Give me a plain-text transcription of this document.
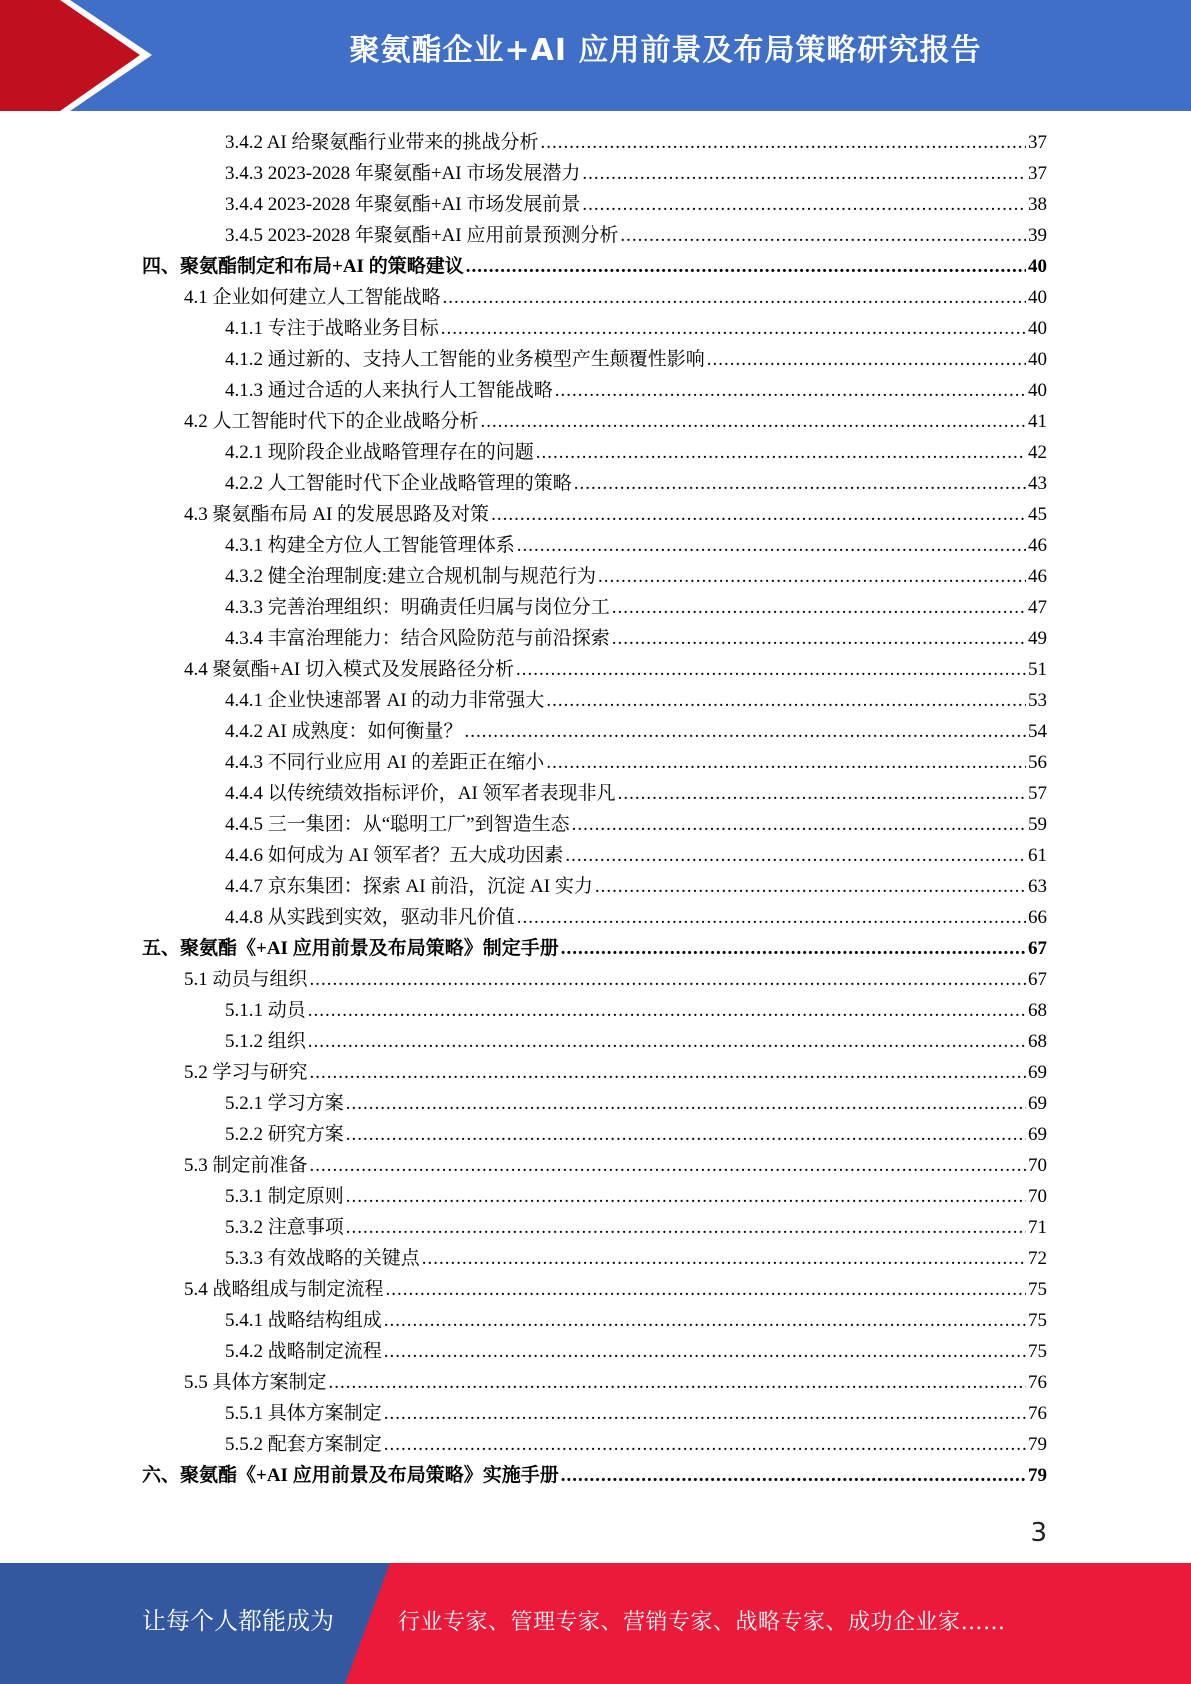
聚氨酯企业+AI 应用前景及布局策略研究报告
3.4.2 AI 给聚氨酯行业带来的挑战分析 .....	37
3.4.3 2023-2028 年聚氨酯+AI 市场发展潜力 .....	37
3.4.4 2023-2028 年聚氨酯+AI 市场发展前景 .....	38
3.4.5 2023-2028 年聚氨酯+AI 应用前景预测分析 .....	39
四、聚氨酯制定和布局+AI 的策略建议 .....	40
4.1 企业如何建立人工智能战略 .....	40
4.1.1 专注于战略业务目标 .....	40
4.1.2 通过新的、支持人工智能的业务模型产生颠覆性影响 .....	40
4.1.3 通过合适的人来执行人工智能战略 .....	40
4.2 人工智能时代下的企业战略分析 .....	41
4.2.1 现阶段企业战略管理存在的问题 .....	42
4.2.2 人工智能时代下企业战略管理的策略 .....	43
4.3 聚氨酯布局 AI 的发展思路及对策 .....	45
4.3.1 构建全方位人工智能管理体系 .....	46
4.3.2 健全治理制度:建立合规机制与规范行为 .....	46
4.3.3 完善治理组织：明确责任归属与岗位分工 .....	47
4.3.4 丰富治理能力：结合风险防范与前沿探索 .....	49
4.4 聚氨酯+AI 切入模式及发展路径分析 .....	51
4.4.1 企业快速部署 AI 的动力非常强大 .....	53
4.4.2 AI 成熟度：如何衡量？ .....	54
4.4.3 不同行业应用 AI 的差距正在缩小 .....	56
4.4.4 以传统绩效指标评价，AI 领军者表现非凡 .....	57
4.4.5 三一集团：从“聪明工厂”到智造生态 .....	59
4.4.6 如何成为 AI 领军者？五大成功因素 .....	61
4.4.7 京东集团：探索 AI 前沿，沉淀 AI 实力 .....	63
4.4.8 从实践到实效，驱动非凡价值 .....	66
五、聚氨酯《+AI 应用前景及布局策略》制定手册 .....	67
5.1 动员与组织 .....	67
5.1.1 动员 .....	68
5.1.2 组织 .....	68
5.2 学习与研究 .....	69
5.2.1 学习方案 .....	69
5.2.2 研究方案 .....	69
5.3 制定前准备 .....	70
5.3.1 制定原则 .....	70
5.3.2 注意事项 .....	71
5.3.3 有效战略的关键点 .....	72
5.4 战略组成与制定流程 .....	75
5.4.1 战略结构组成 .....	75
5.4.2 战略制定流程 .....	75
5.5 具体方案制定 .....	76
5.5.1 具体方案制定 .....	76
5.5.2 配套方案制定 .....	79
六、聚氨酯《+AI 应用前景及布局策略》实施手册 .....	79
3
让每个人都能成为	行业专家、管理专家、营销专家、战略专家、成功企业家……
